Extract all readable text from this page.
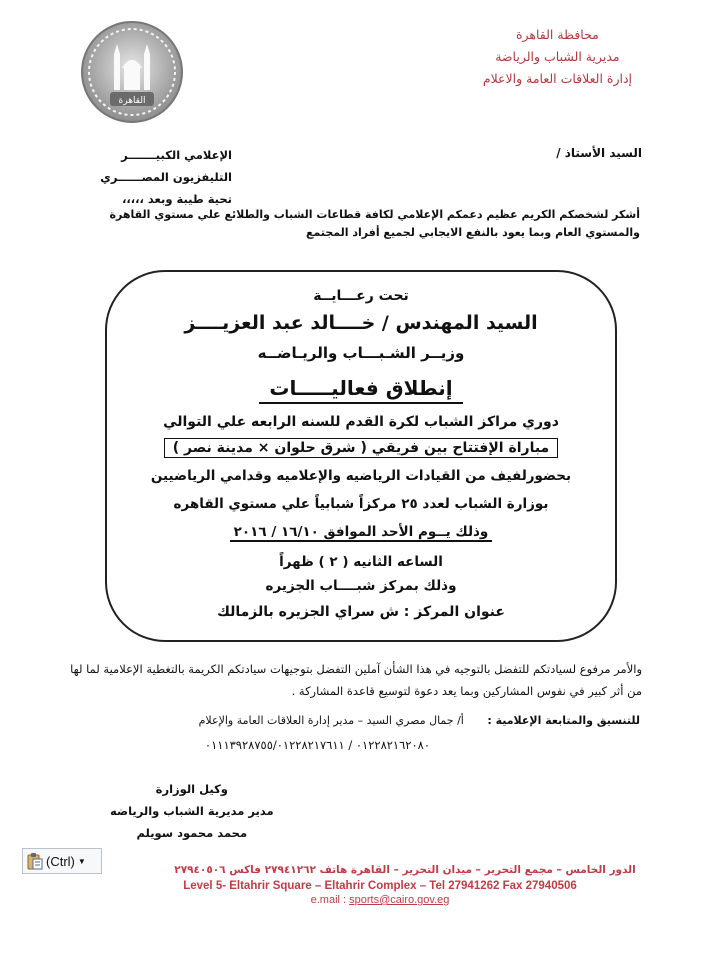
محافظة القاهرة
مديرية الشباب والرياضة
إدارة العلاقات العامة والاعلام
القاهرة
السيد الأستاذ /
الإعلامي الكبيـــــــر
التليفزيون المصــــــري
تحية طيبة وبعد ،،،،،
أشكر لشخصكم الكريم عظيم دعمكم الإعلامي لكافة قطاعات الشباب والطلائع علي مستوي القاهرة والمستوي العام وبما يعود بالنفع الايجابي لجميع أفراد المجتمع
تحت رعـــايــة
السيد المهندس / خــــالد عبد العزيــــز
وزيــر الشـبـــاب والريـاضــه
إنطلاق فعاليـــــات
دوري مراكز الشباب لكرة القدم للسنه الرابعه علي التوالي
مباراة الإفتتاح بين فريقي ( شرق حلوان × مدينة نصر )
بحضورلفيف من القيادات الرياضيه والإعلاميه وقدامي الرياضيين
بوزارة الشباب لعدد ٢٥ مركزاً شبابياً علي مستوي القاهره
وذلك يــوم الأحد الموافق ١٦/١٠ / ٢٠١٦
الساعه الثانيه ( ٢ ) ظهراً
وذلك بمركز شبــــاب الجزيره
عنوان المركز : ش سراي الجزيره بالزمالك
والأمر مرفوع لسيادتكم للتفضل بالتوجيه في هذا الشأن آملين التفضل بتوجيهات سيادتكم الكريمة بالتغطية الإعلامية لما لها من أثر كبير في نفوس المشاركين وبما يعد دعوة لتوسيع قاعدة المشاركة .
للتنسيق والمتابعة الإعلامية : أ/ جمال مصري السيد – مدير إدارة العلاقات العامة والإعلام
٠١٢٢٨٢١٦٢٠٨٠ / ٠١١١٣٩٢٨٧٥٥/٠١٢٢٨٢١٧٦١١
وكيل الوزارة
مدير مديرية الشباب والرياضه
محمد محمود سويلم
(Ctrl) ▼
الدور الخامس – مجمع التحرير – ميدان التحرير – القاهرة هاتف ٢٧٩٤١٢٦٢ فاكس ٢٧٩٤٠٥٠٦
Level 5- Eltahrir Square – Eltahrir Complex – Tel 27941262 Fax 27940506
e.mail : sports@cairo.gov.eg
